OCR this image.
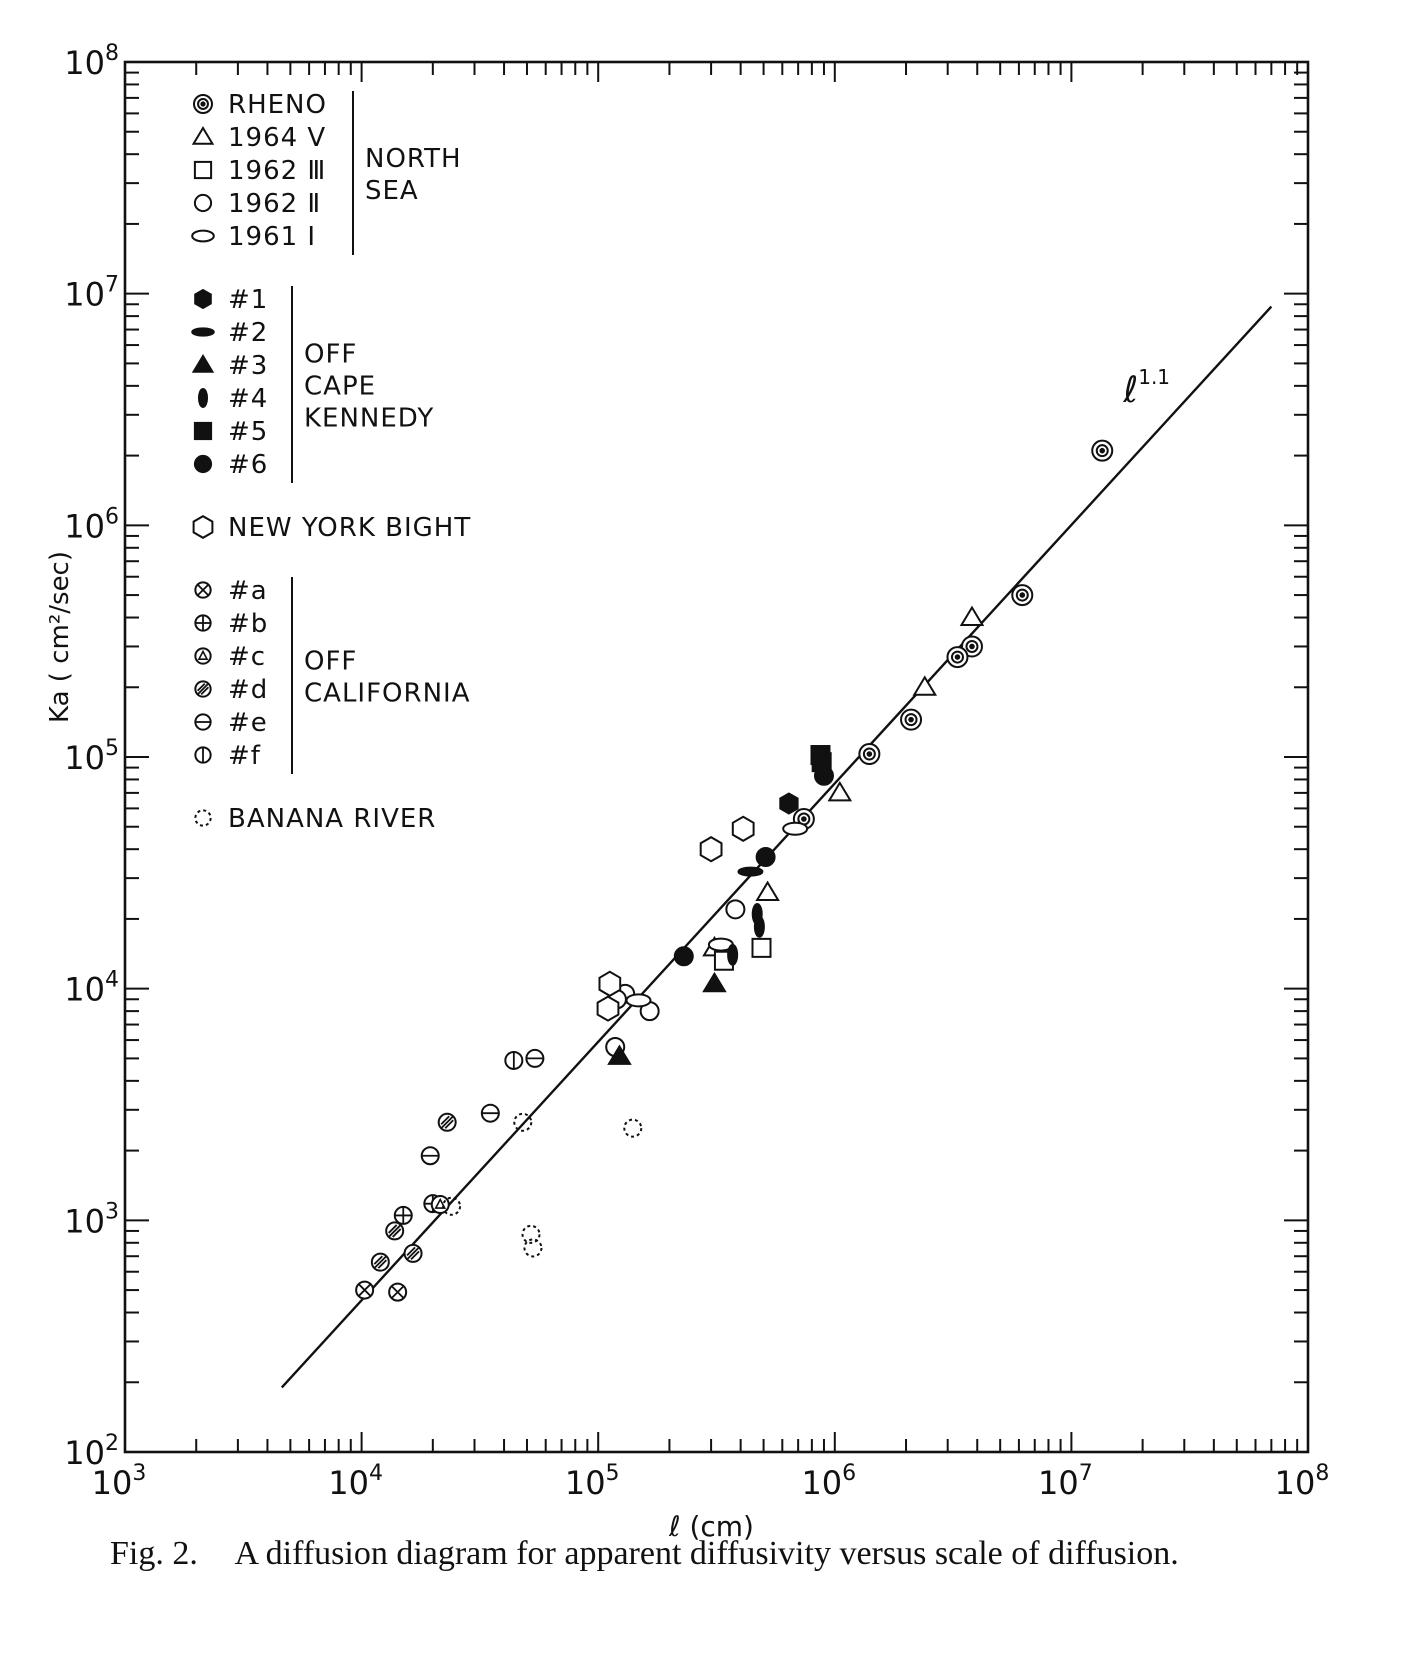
$10^3$	$10^4$	$10^5$	$10^6$	$10^7$	$10^8$
$10^2$
$10^3$
$10^4$
$10^5$
$10^6$
$10^7$
$10^8$
ℓ$^{1.1}$
RHENO
1964 Ⅴ
1962 Ⅲ
1962 Ⅱ
1961 I
NORTH
SEA
#1
#2
#3
#4
#5
#6
OFF
CAPE
KENNEDY
NEW YORK BIGHT
#a
#b
#c
#d
#e
#f
OFF
CALIFORNIA
BANANA RIVER
ℓ (cm)
Ka ( cm²/sec)
Fig. 2. A diffusion diagram for apparent diffusivity versus scale of diffusion.
